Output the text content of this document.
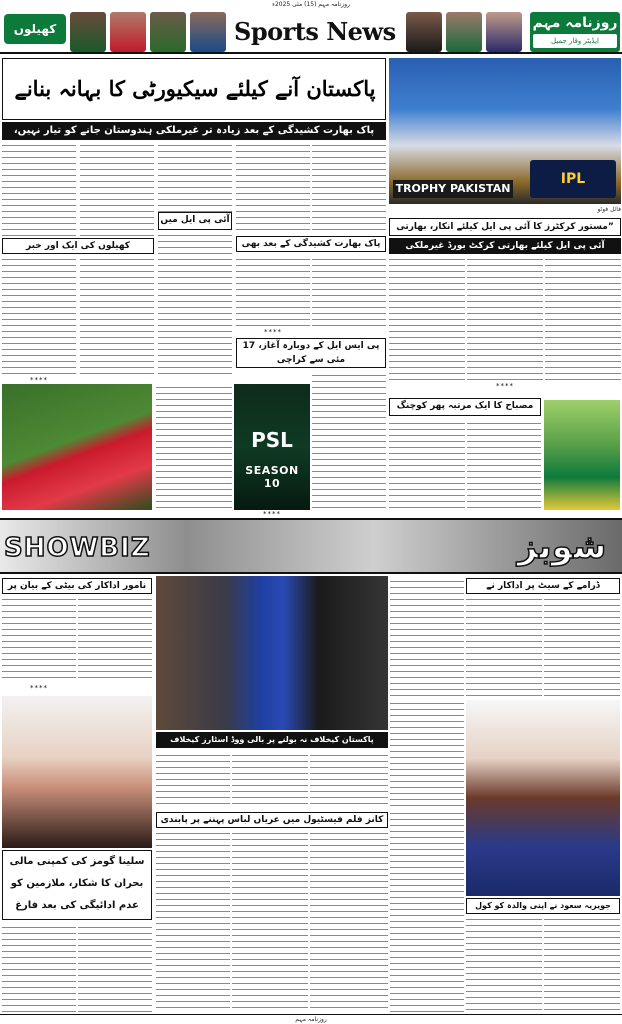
روزنامہ مہم (15) مئی 2025ء
کھیلوں	Sports News	روزنامہ مہم
ایڈیٹر وقار جمیل
پاکستان آنے کیلئے سیکیورٹی کا بہانہ بنانے
پاک بھارت کشیدگی کے بعد زیادہ تر غیرملکی ہندوستان جانے کو تیار نہیں،
TROPHY PAKISTAN
IPL
فائل فوٹو
پاک بھارت کشیدگی کے بعد بھی
****
آئی پی ایل میں
کھیلوں کی ایک اور خبر
****
پی ایس ایل کے دوبارہ آغاز، 17 مئی سے کراچی
”مستور کرکٹرز کا آئی پی ایل کیلئے انکار، بھارتی
آئی پی ایل کیلئے بھارتی کرکٹ بورڈ غیرملکی
****
PSL
SEASON 10
مصباح کا ایک مرتبہ پھر کوچنگ
****
SHOWBIZ	شوبز
نامور اداکار کی بیٹی کے بیان پر
****
ڈرامے کے سیٹ پر اداکار نے
پاکستان کیخلاف نہ بولنے پر بالی ووڈ اسٹارز کیخلاف
کانز فلم فیسٹیول میں عریاں لباس پہننے پر پابندی
سلینا گومز کی کمپنی مالی بحران کا شکار، ملازمین کو عدم ادائیگی کی بعد فارغ	جویریہ سعود نے اپنی والدہ کو کول
روزنامہ مہم
